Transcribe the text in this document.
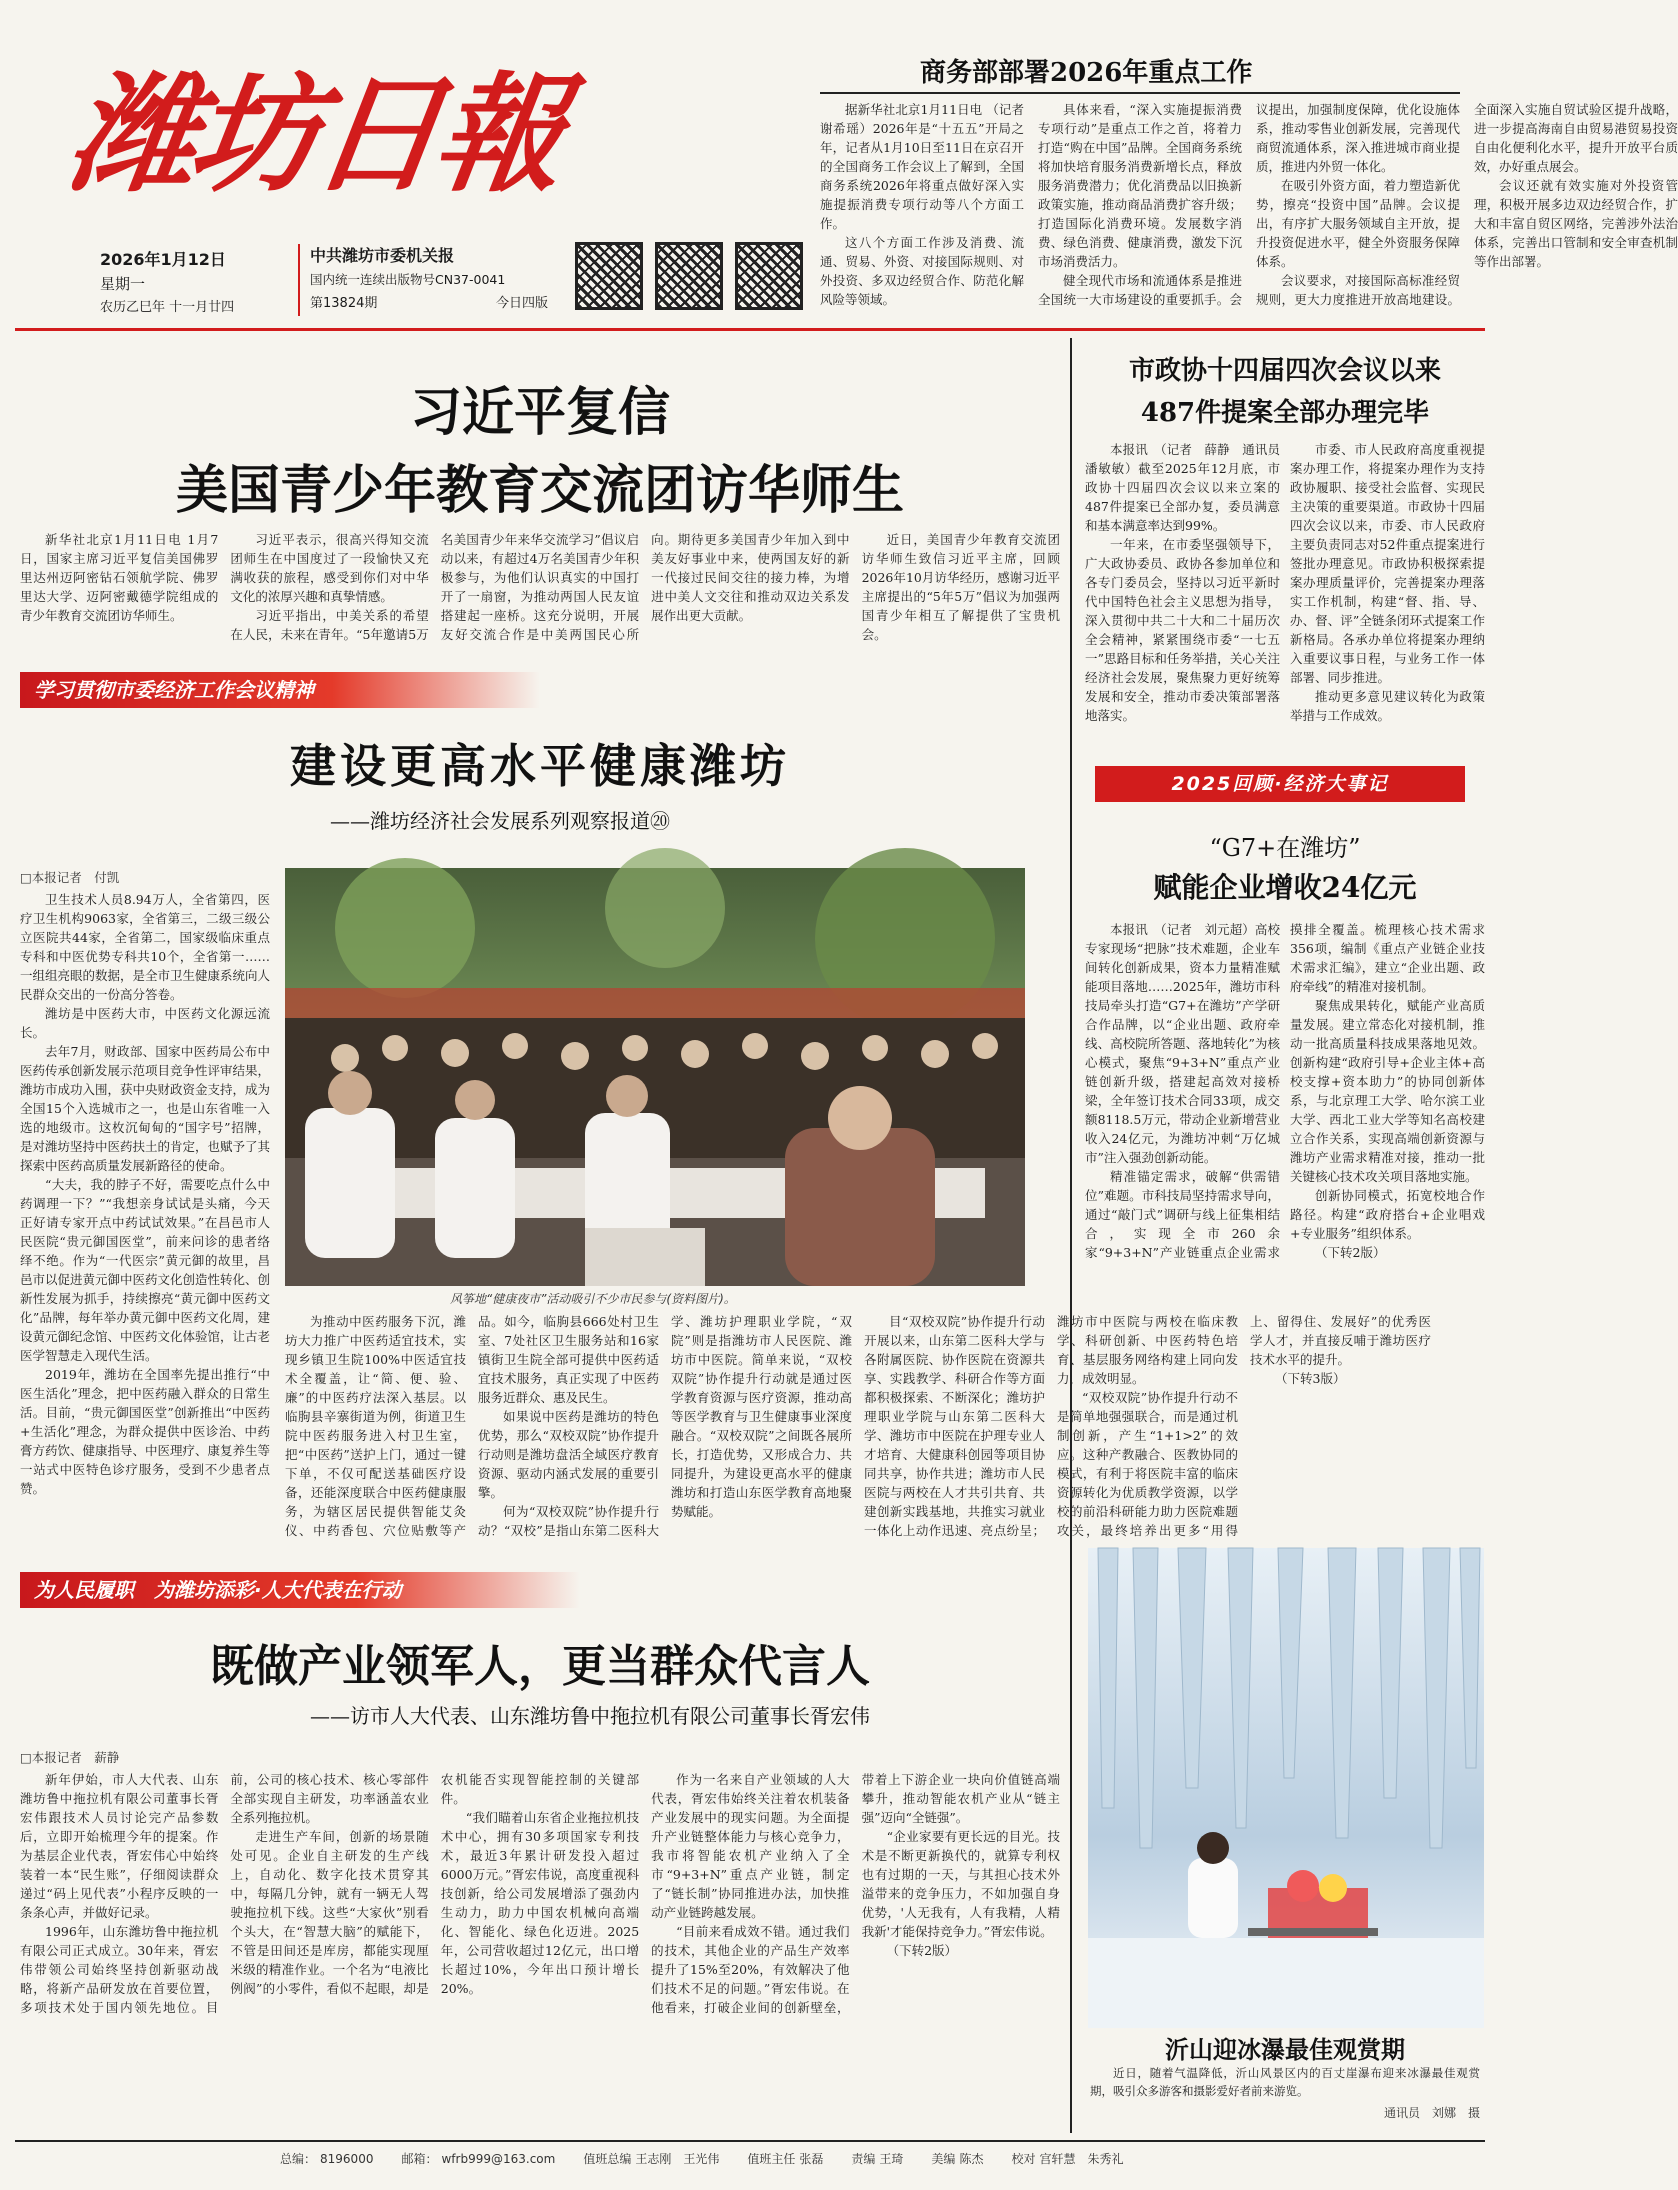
潍坊日報
2026年1月12日
星期一
农历乙巳年 十一月廿四
中共潍坊市委机关报
国内统一连续出版物号CN37-0041
第13824期	今日四版
商务部部署2026年重点工作

据新华社北京1月11日电 （记者谢希瑶）2026年是“十五五”开局之年，记者从1月10日至11日在京召开的全国商务工作会议上了解到，全国商务系统2026年将重点做好深入实施提振消费专项行动等八个方面工作。

这八个方面工作涉及消费、流通、贸易、外资、对接国际规则、对外投资、多双边经贸合作、防范化解风险等领域。

具体来看，“深入实施提振消费专项行动”是重点工作之首，将着力打造“购在中国”品牌。全国商务系统将加快培育服务消费新增长点，释放服务消费潜力；优化消费品以旧换新政策实施，推动商品消费扩容升级；打造国际化消费环境。发展数字消费、绿色消费、健康消费，激发下沉市场消费活力。

健全现代市场和流通体系是推进全国统一大市场建设的重要抓手。会议提出，加强制度保障，优化设施体系，推动零售业创新发展，完善现代商贸流通体系，深入推进城市商业提质，推进内外贸一体化。

在吸引外资方面，着力塑造新优势，擦亮“投资中国”品牌。会议提出，有序扩大服务领域自主开放，提升投资促进水平，健全外资服务保障体系。

会议要求，对接国际高标准经贸规则，更大力度推进开放高地建设。全面深入实施自贸试验区提升战略，进一步提高海南自由贸易港贸易投资自由化便利化水平，提升开放平台质效，办好重点展会。

会议还就有效实施对外投资管理，积极开展多边双边经贸合作，扩大和丰富自贸区网络，完善涉外法治体系，完善出口管制和安全审查机制等作出部署。

习近平复信
美国青少年教育交流团访华师生

新华社北京1月11日电 1月7日，国家主席习近平复信美国佛罗里达州迈阿密钻石领航学院、佛罗里达大学、迈阿密戴德学院组成的青少年教育交流团访华师生。

习近平表示，很高兴得知交流团师生在中国度过了一段愉快又充满收获的旅程，感受到你们对中华文化的浓厚兴趣和真挚情感。

习近平指出，中美关系的希望在人民，未来在青年。“5年邀请5万名美国青少年来华交流学习”倡议启动以来，有超过4万名美国青少年积极参与，为他们认识真实的中国打开了一扇窗，为推动两国人民友谊搭建起一座桥。这充分说明，开展友好交流合作是中美两国民心所向。期待更多美国青少年加入到中美友好事业中来，使两国友好的新一代接过民间交往的接力棒，为增进中美人文交往和推动双边关系发展作出更大贡献。

近日，美国青少年教育交流团访华师生致信习近平主席，回顾2026年10月访华经历，感谢习近平主席提出的“5年5万”倡议为加强两国青少年相互了解提供了宝贵机会。

学习贯彻市委经济工作会议精神
建设更高水平健康潍坊
——潍坊经济社会发展系列观察报道⑳
□本报记者　付凯

卫生技术人员8.94万人，全省第四，医疗卫生机构9063家，全省第三，二级三级公立医院共44家，全省第二，国家级临床重点专科和中医优势专科共10个，全省第一……一组组亮眼的数据，是全市卫生健康系统向人民群众交出的一份高分答卷。

潍坊是中医药大市，中医药文化源远流长。

去年7月，财政部、国家中医药局公布中医药传承创新发展示范项目竞争性评审结果，潍坊市成功入围，获中央财政资金支持，成为全国15个入选城市之一，也是山东省唯一入选的地级市。这枚沉甸甸的“国字号”招牌，是对潍坊坚持中医药扶土的肯定，也赋予了其探索中医药高质量发展新路径的使命。

“大夫，我的脖子不好，需要吃点什么中药调理一下？”“我想亲身试试是头痛，今天正好请专家开点中药试试效果。”在昌邑市人民医院“贵元御国医堂”，前来问诊的患者络绎不绝。作为“一代医宗”黄元御的故里，昌邑市以促进黄元御中医药文化创造性转化、创新性发展为抓手，持续擦亮“黄元御中医药文化”品牌，每年举办黄元御中医药文化周，建设黄元御纪念馆、中医药文化体验馆，让古老医学智慧走入现代生活。

2019年，潍坊在全国率先提出推行“中医生活化”理念，把中医药融入群众的日常生活。目前，“贵元御国医堂”创新推出“中医药+生活化”理念，为群众提供中医诊治、中药膏方药饮、健康指导、中医理疗、康复养生等一站式中医特色诊疗服务，受到不少患者点赞。

风筝地“健康夜市”活动吸引不少市民参与(资料图片)。

为推动中医药服务下沉，潍坊大力推广中医药适宜技术，实现乡镇卫生院100%中医适宜技术全覆盖，让“简、便、验、廉”的中医药疗法深入基层。以临朐县辛寨街道为例，街道卫生院中医药服务进入村卫生室，把“中医药”送护上门，通过一键下单，不仅可配送基础医疗设备，还能深度联合中医药健康服务，为辖区居民提供智能艾灸仪、中药香包、穴位贴敷等产品。如今，临朐县666处村卫生室、7处社区卫生服务站和16家镇街卫生院全部可提供中医药适宜技术服务，真正实现了中医药服务近群众、惠及民生。

如果说中医药是潍坊的特色优势，那么“双校双院”协作提升行动则是潍坊盘活全域医疗教育资源、驱动内涵式发展的重要引擎。

何为“双校双院”协作提升行动？“双校”是指山东第二医科大学、潍坊护理职业学院，“双院”则是指潍坊市人民医院、潍坊市中医院。简单来说，“双校双院”协作提升行动就是通过医学教育资源与医疗资源，推动高等医学教育与卫生健康事业深度融合。“双校双院”之间既各展所长，打造优势，又形成合力、共同提升，为建设更高水平的健康潍坊和打造山东医学教育高地聚势赋能。

目“双校双院”协作提升行动开展以来，山东第二医科大学与各附属医院、协作医院在资源共享、实践教学、科研合作等方面都积极探索、不断深化；潍坊护理职业学院与山东第二医科大学、潍坊市中医院在护理专业人才培育、大健康科创园等项目协同共享，协作共进；潍坊市人民医院与两校在人才共引共育、共建创新实践基地，共推实习就业一体化上动作迅速、亮点纷呈；潍坊市中医院与两校在临床教学、科研创新、中医药特色培育、基层服务网络构建上同向发力，成效明显。

“双校双院”协作提升行动不是简单地强强联合，而是通过机制创新，产生“1+1>2”的效应。这种产教融合、医教协同的模式，有利于将医院丰富的临床资源转化为优质教学资源，以学校的前沿科研能力助力医院难题攻关，最终培养出更多“用得上、留得住、发展好”的优秀医学人才，并直接反哺于潍坊医疗技术水平的提升。

（下转3版）

为人民履职　为潍坊添彩·人大代表在行动
既做产业领军人，更当群众代言人
——访市人大代表、山东潍坊鲁中拖拉机有限公司董事长胥宏伟
□本报记者　薪静

新年伊始，市人大代表、山东潍坊鲁中拖拉机有限公司董事长胥宏伟跟技术人员讨论完产品参数后，立即开始梳理今年的提案。作为基层企业代表，胥宏伟心中始终装着一本“民生账”，仔细阅读群众递过“码上见代表”小程序反映的一条条心声，并做好记录。

1996年，山东潍坊鲁中拖拉机有限公司正式成立。30年来，胥宏伟带领公司始终坚持创新驱动战略，将新产品研发放在首要位置，多项技术处于国内领先地位。目前，公司的核心技术、核心零部件全部实现自主研发，功率涵盖农业全系列拖拉机。

走进生产车间，创新的场景随处可见。企业自主研发的生产线上，自动化、数字化技术贯穿其中，每隔几分钟，就有一辆无人驾驶拖拉机下线。这些“大家伙”别看个头大，在“智慧大脑”的赋能下，不管是田间还是库房，都能实现厘米级的精准作业。一个名为“电液比例阀”的小零件，看似不起眼，却是农机能否实现智能控制的关键部件。

“我们瞄着山东省企业拖拉机技术中心，拥有30多项国家专利技术，最近3年累计研发投入超过6000万元。”胥宏伟说，高度重视科技创新，给公司发展增添了强劲内生动力，助力中国农机械向高端化、智能化、绿色化迈进。2025年，公司营收超过12亿元，出口增长超过10%，今年出口预计增长20%。

作为一名来自产业领域的人大代表，胥宏伟始终关注着农机装备产业发展中的现实问题。为全面提升产业链整体能力与核心竞争力，我市将智能农机产业纳入了全市“9+3+N”重点产业链，制定了“链长制”协同推进办法，加快推动产业链跨越发展。

“目前来看成效不错。通过我们的技术，其他企业的产品生产效率提升了15%至20%，有效解决了他们技术不足的问题。”胥宏伟说。在他看来，打破企业间的创新壁垒，带着上下游企业一块向价值链高端攀升，推动智能农机产业从“链主强”迈向“全链强”。

“企业家要有更长远的目光。技术是不断更新换代的，就算专利权也有过期的一天，与其担心技术外溢带来的竞争压力，不如加强自身优势，'人无我有，人有我精，人精我新'才能保持竞争力。”胥宏伟说。

（下转2版）

市政协十四届四次会议以来
487件提案全部办理完毕

本报讯　（记者　薛静　通讯员　潘敏敏）截至2025年12月底，市政协十四届四次会议以来立案的487件提案已全部办复，委员满意和基本满意率达到99%。

一年来，在市委坚强领导下，广大政协委员、政协各参加单位和各专门委员会，坚持以习近平新时代中国特色社会主义思想为指导，深入贯彻中共二十大和二十届历次全会精神，紧紧围绕市委“一七五一”思路目标和任务举措，关心关注经济社会发展，聚焦聚力更好统筹发展和安全，推动市委决策部署落地落实。

市委、市人民政府高度重视提案办理工作，将提案办理作为支持政协履职、接受社会监督、实现民主决策的重要渠道。市政协十四届四次会议以来，市委、市人民政府主要负责同志对52件重点提案进行签批办理意见。市政协积极探索提案办理质量评价，完善提案办理落实工作机制，构建“督、指、导、办、督、评”全链条闭环式提案工作新格局。各承办单位将提案办理纳入重要议事日程，与业务工作一体部署、同步推进。

推动更多意见建议转化为政策举措与工作成效。

2025回顾·经济大事记
“G7+在潍坊”
赋能企业增收24亿元

本报讯　（记者　刘元超）高校专家现场“把脉”技术难题，企业车间转化创新成果，资本力量精准赋能项目落地……2025年，潍坊市科技局牵头打造“G7+在潍坊”产学研合作品牌，以“企业出题、政府牵线、高校院所答题、落地转化”为核心模式，聚焦“9+3+N”重点产业链创新升级，搭建起高效对接桥梁，全年签订技术合同33项，成交额8118.5万元，带动企业新增营业收入24亿元，为潍坊冲刺“万亿城市”注入强劲创新动能。

精准锚定需求，破解“供需错位”难题。市科技局坚持需求导向，通过“敲门式”调研与线上征集相结合，实现全市260余家“9+3+N”产业链重点企业需求摸排全覆盖。梳理核心技术需求356项，编制《重点产业链企业技术需求汇编》，建立“企业出题、政府牵线”的精准对接机制。

聚焦成果转化，赋能产业高质量发展。建立常态化对接机制，推动一批高质量科技成果落地见效。创新构建“政府引导+企业主体+高校支撑+资本助力”的协同创新体系，与北京理工大学、哈尔滨工业大学、西北工业大学等知名高校建立合作关系，实现高端创新资源与潍坊产业需求精准对接，推动一批关键核心技术攻关项目落地实施。

创新协同模式，拓宽校地合作路径。构建“政府搭台+企业唱戏+专业服务”组织体系。

（下转2版）

沂山迎冰瀑最佳观赏期

近日，随着气温降低，沂山风景区内的百丈崖瀑布迎来冰瀑最佳观赏期，吸引众多游客和摄影爱好者前来游览。

通讯员　刘娜　摄
总编： 8196000 邮箱： wfrb999@163.com 值班总编 王志刚　王光伟 值班主任 张磊 责编 王琦 美编 陈杰 校对 宫轩慧　朱秀礼
